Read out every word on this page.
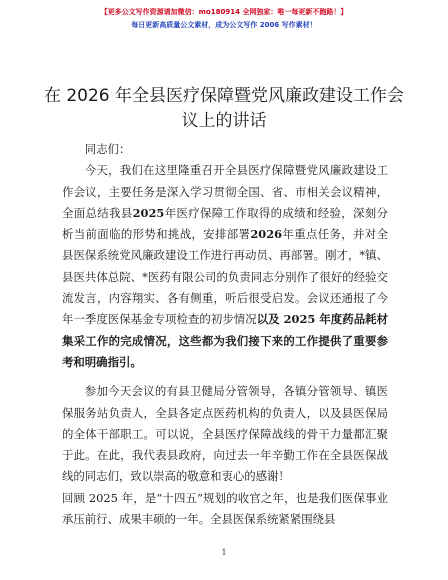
【更多公文写作资源请加微信：mo180914 全网独家：唯一每更新不跑路！】
每日更新高质量公文素材，成为公文写作 2006 写作素材！
在 2026 年全县医疗保障暨党风廉政建设工作会议上的讲话

同志们：

今天，我们在这里隆重召开全县医疗保障暨党风廉政建设工作会议，主要任务是深入学习贯彻全国、省、市相关会议精神，全面总结我县2025年医疗保障工作取得的成绩和经验，深刻分析当前面临的形势和挑战，安排部署2026年重点任务，并对全县医保系统党风廉政建设工作进行再动员、再部署。刚才，*镇、县医共体总院、*医药有限公司的负责同志分别作了很好的经验交流发言，内容翔实、各有侧重，听后很受启发。会议还通报了今年一季度医保基金专项检查的初步情况以及 2025 年度药品耗材集采工作的完成情况，这些都为我们接下来的工作提供了重要参考和明确指引。

参加今天会议的有县卫健局分管领导，各镇分管领导、镇医保服务站负责人，全县各定点医药机构的负责人，以及县医保局的全体干部职工。可以说，全县医疗保障战线的骨干力量都汇聚于此。在此，我代表县政府，向过去一年辛勤工作在全县医保战线的同志们，致以崇高的敬意和衷心的感谢！

回顾 2025 年，是“十四五”规划的收官之年，也是我们医保事业承压前行、成果丰硕的一年。全县医保系统紧紧围绕县

1
